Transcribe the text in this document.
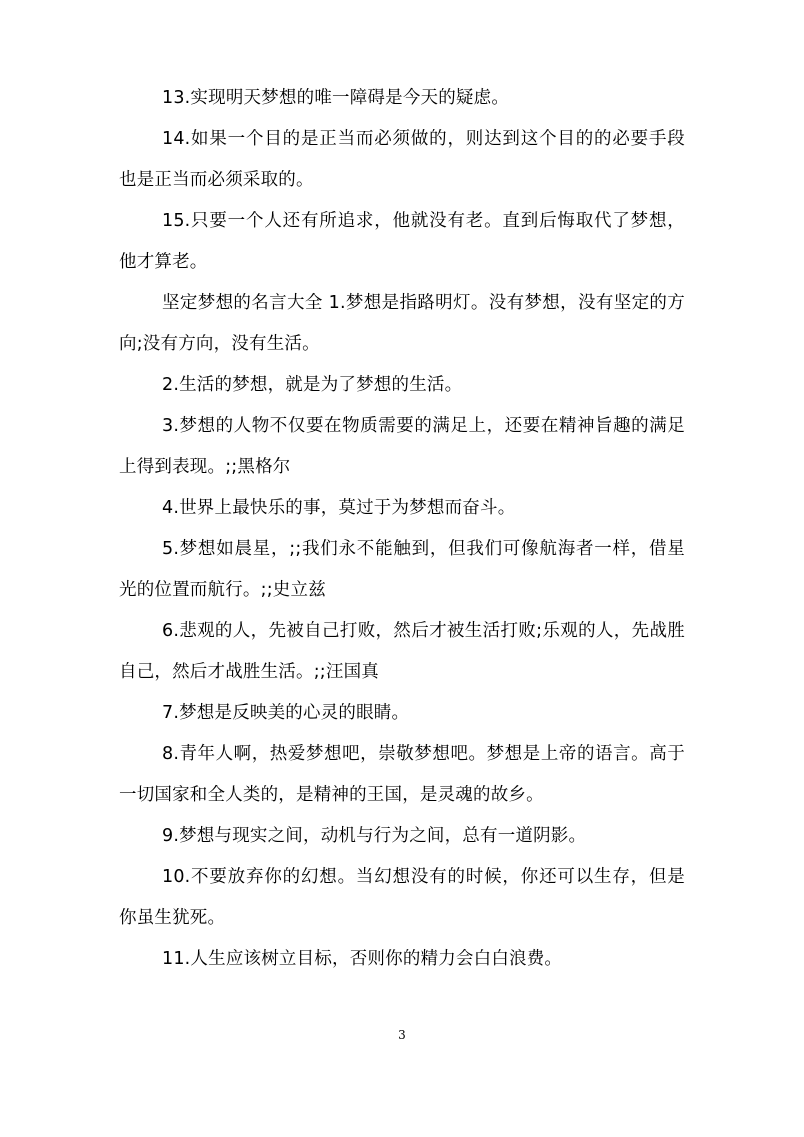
13.实现明天梦想的唯一障碍是今天的疑虑。

14.如果一个目的是正当而必须做的，则达到这个目的的必要手段也是正当而必须采取的。

15.只要一个人还有所追求，他就没有老。直到后悔取代了梦想，他才算老。

坚定梦想的名言大全 1.梦想是指路明灯。没有梦想，没有坚定的方向;没有方向，没有生活。

2.生活的梦想，就是为了梦想的生活。

3.梦想的人物不仅要在物质需要的满足上，还要在精神旨趣的满足上得到表现。;;黑格尔

4.世界上最快乐的事，莫过于为梦想而奋斗。

5.梦想如晨星，;;我们永不能触到，但我们可像航海者一样，借星光的位置而航行。;;史立兹

6.悲观的人，先被自己打败，然后才被生活打败;乐观的人，先战胜自己，然后才战胜生活。;;汪国真

7.梦想是反映美的心灵的眼睛。

8.青年人啊，热爱梦想吧，崇敬梦想吧。梦想是上帝的语言。高于一切国家和全人类的，是精神的王国，是灵魂的故乡。

9.梦想与现实之间，动机与行为之间，总有一道阴影。

10.不要放弃你的幻想。当幻想没有的时候，你还可以生存，但是你虽生犹死。

11.人生应该树立目标，否则你的精力会白白浪费。

3
